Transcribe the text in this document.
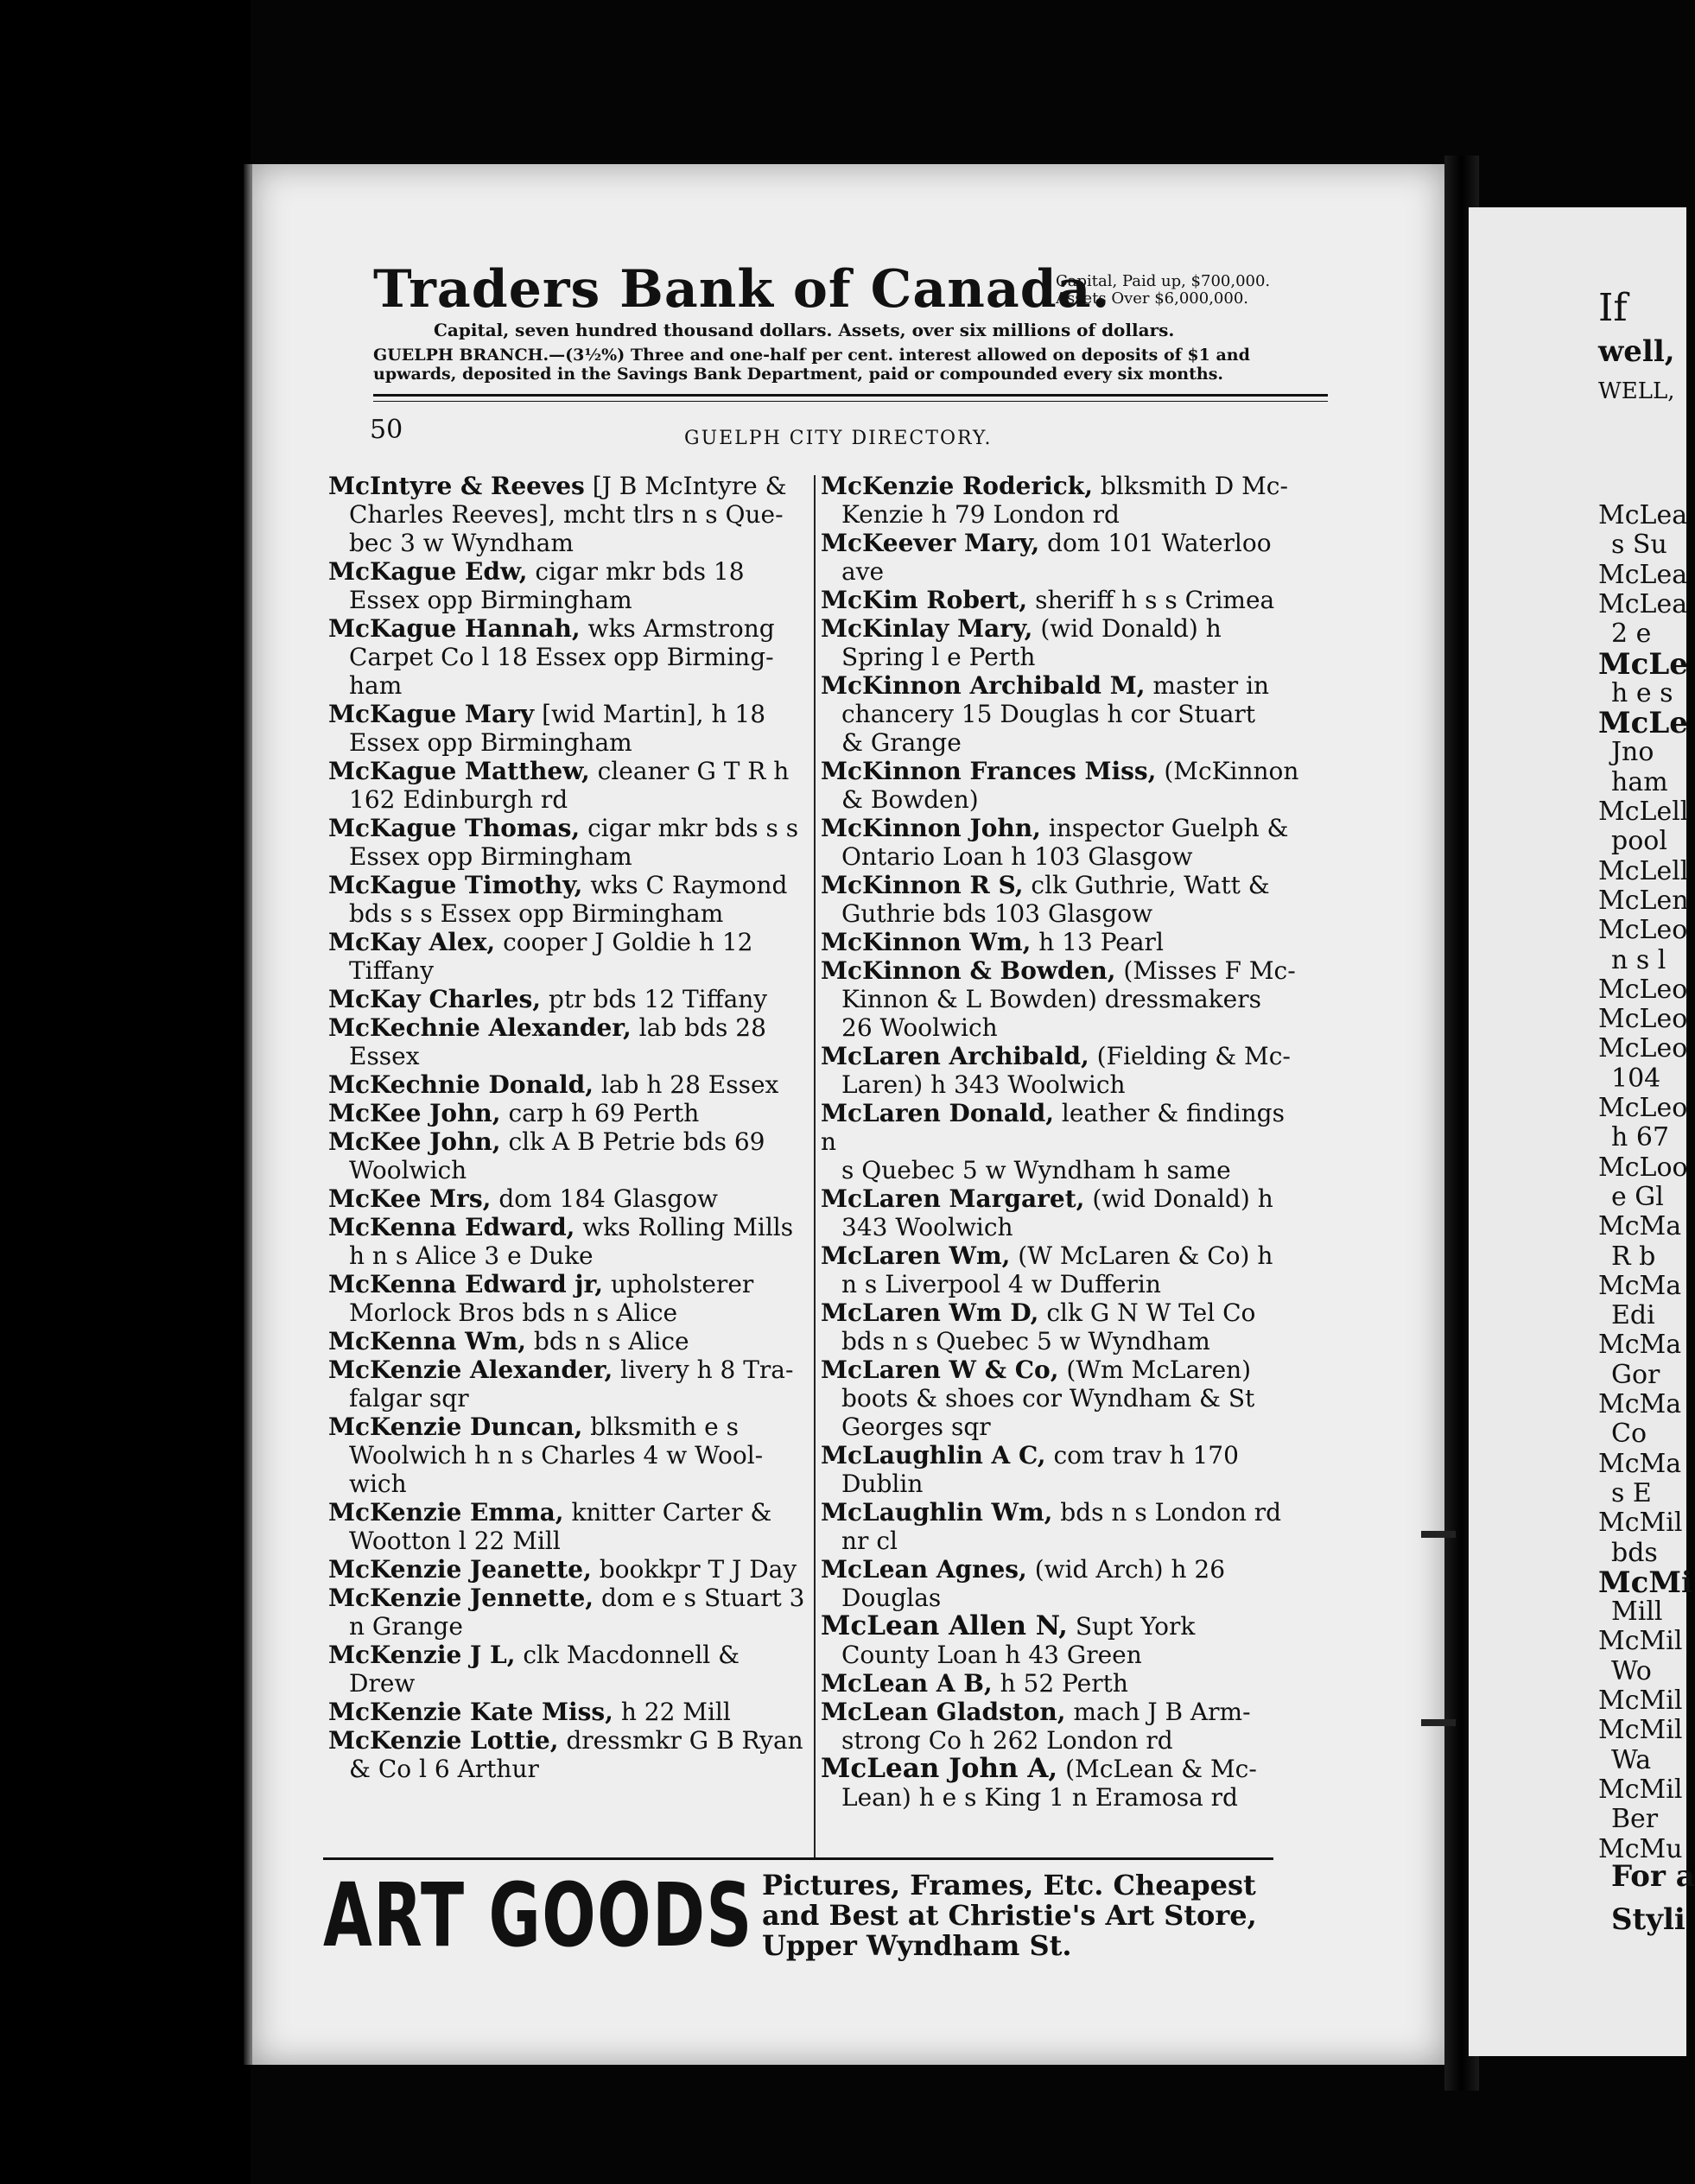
Traders Bank of Canada.
Capital, Paid up, $700,000.
Assets Over $6,000,000.
Capital, seven hundred thousand dollars. Assets, over six millions of dollars.
GUELPH BRANCH.—(3½%) Three and one-half per cent. interest allowed on deposits of $1 and
upwards, deposited in the Savings Bank Department, paid or compounded every six months.
50	GUELPH CITY DIRECTORY.
McIntyre & Reeves [J B McIntyre &
Charles Reeves], mcht tlrs n s Que-
bec 3 w Wyndham
McKague Edw, cigar mkr bds 18
Essex opp Birmingham
McKague Hannah, wks Armstrong
Carpet Co l 18 Essex opp Birming-
ham
McKague Mary [wid Martin], h 18
Essex opp Birmingham
McKague Matthew, cleaner G T R h
162 Edinburgh rd
McKague Thomas, cigar mkr bds s s
Essex opp Birmingham
McKague Timothy, wks C Raymond
bds s s Essex opp Birmingham
McKay Alex, cooper J Goldie h 12
Tiffany
McKay Charles, ptr bds 12 Tiffany
McKechnie Alexander, lab bds 28
Essex
McKechnie Donald, lab h 28 Essex
McKee John, carp h 69 Perth
McKee John, clk A B Petrie bds 69
Woolwich
McKee Mrs, dom 184 Glasgow
McKenna Edward, wks Rolling Mills
h n s Alice 3 e Duke
McKenna Edward jr, upholsterer
Morlock Bros bds n s Alice
McKenna Wm, bds n s Alice
McKenzie Alexander, livery h 8 Tra-
falgar sqr
McKenzie Duncan, blksmith e s
Woolwich h n s Charles 4 w Wool-
wich
McKenzie Emma, knitter Carter &
Wootton l 22 Mill
McKenzie Jeanette, bookkpr T J Day
McKenzie Jennette, dom e s Stuart 3
n Grange
McKenzie J L, clk Macdonnell &
Drew
McKenzie Kate Miss, h 22 Mill
McKenzie Lottie, dressmkr G B Ryan
& Co l 6 Arthur
McKenzie Roderick, blksmith D Mc-
Kenzie h 79 London rd
McKeever Mary, dom 101 Waterloo
ave
McKim Robert, sheriff h s s Crimea
McKinlay Mary, (wid Donald) h
Spring l e Perth
McKinnon Archibald M, master in
chancery 15 Douglas h cor Stuart
& Grange
McKinnon Frances Miss, (McKinnon
& Bowden)
McKinnon John, inspector Guelph &
Ontario Loan h 103 Glasgow
McKinnon R S, clk Guthrie, Watt &
Guthrie bds 103 Glasgow
McKinnon Wm, h 13 Pearl
McKinnon & Bowden, (Misses F Mc-
Kinnon & L Bowden) dressmakers
26 Woolwich
McLaren Archibald, (Fielding & Mc-
Laren) h 343 Woolwich
McLaren Donald, leather & findings n
s Quebec 5 w Wyndham h same
McLaren Margaret, (wid Donald) h
343 Woolwich
McLaren Wm, (W McLaren & Co) h
n s Liverpool 4 w Dufferin
McLaren Wm D, clk G N W Tel Co
bds n s Quebec 5 w Wyndham
McLaren W & Co, (Wm McLaren)
boots & shoes cor Wyndham & St
Georges sqr
McLaughlin A C, com trav h 170
Dublin
McLaughlin Wm, bds n s London rd
nr cl
McLean Agnes, (wid Arch) h 26
Douglas
McLean Allen N, Supt York
County Loan h 43 Green
McLean A B, h 52 Perth
McLean Gladston, mach J B Arm-
strong Co h 262 London rd
McLean John A, (McLean & Mc-
Lean) h e s King 1 n Eramosa rd
ART GOODS Pictures, Frames, Etc. Cheapest
and Best at Christie's Art Store,
Upper Wyndham St.
If
well,
WELL,
For a
Styli
McLea
s Su
McLea
McLea
2 e
McLe
h e s
McLe
Jno
ham
McLell
pool
McLell
McLen
McLeo
n s l
McLeo
McLeo
McLeo
104
McLeo
h 67
McLoo
e Gl
McMa
R b
McMa
Edi
McMa
Gor
McMa
Co
McMa
s E
McMil
bds
McMi
Mill
McMil
Wo
McMil
McMil
Wa
McMil
Ber
McMu
